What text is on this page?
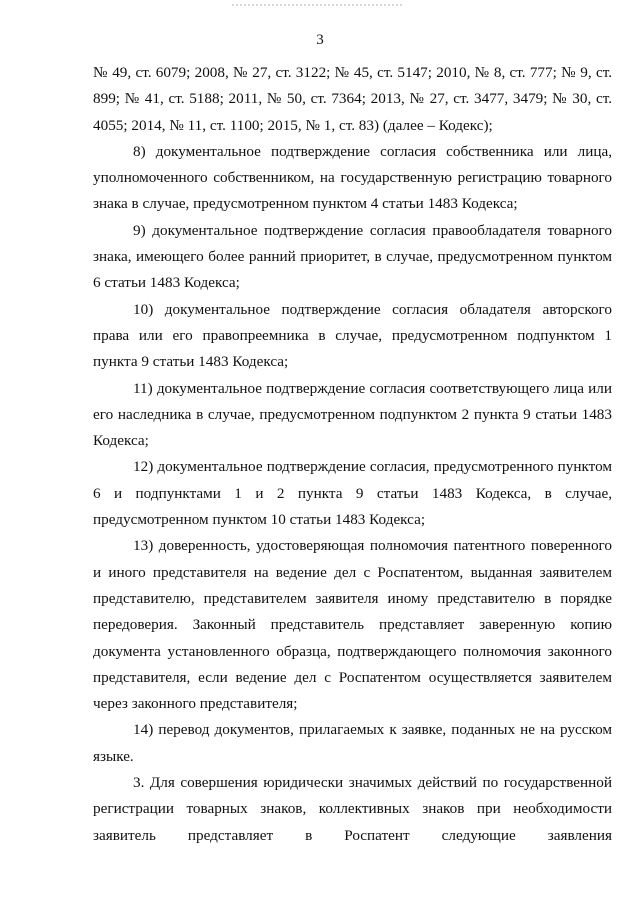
3

№ 49, ст. 6079; 2008, № 27, ст. 3122; № 45, ст. 5147; 2010, № 8, ст. 777; № 9, ст. 899; № 41, ст. 5188; 2011, № 50, ст. 7364; 2013, № 27, ст. 3477, 3479; № 30, ст. 4055; 2014, № 11, ст. 1100; 2015, № 1, ст. 83) (далее – Кодекс);

8) документальное подтверждение согласия собственника или лица, уполномоченного собственником, на государственную регистрацию товарного знака в случае, предусмотренном пунктом 4 статьи 1483 Кодекса;

9) документальное подтверждение согласия правообладателя товарного знака, имеющего более ранний приоритет, в случае, предусмотренном пунктом 6 статьи 1483 Кодекса;

10) документальное подтверждение согласия обладателя авторского права или его правопреемника в случае, предусмотренном подпунктом 1 пункта 9 статьи 1483 Кодекса;

11) документальное подтверждение согласия соответствующего лица или его наследника в случае, предусмотренном подпунктом 2 пункта 9 статьи 1483 Кодекса;

12) документальное подтверждение согласия, предусмотренного пунктом 6 и подпунктами 1 и 2 пункта 9 статьи 1483 Кодекса, в случае, предусмотренном пунктом 10 статьи 1483 Кодекса;

13) доверенность, удостоверяющая полномочия патентного поверенного и иного представителя на ведение дел с Роспатентом, выданная заявителем представителю, представителем заявителя иному представителю в порядке передоверия. Законный представитель представляет заверенную копию документа установленного образца, подтверждающего полномочия законного представителя, если ведение дел с Роспатентом осуществляется заявителем через законного представителя;

14) перевод документов, прилагаемых к заявке, поданных не на русском языке.

3. Для совершения юридически значимых действий по государственной регистрации товарных знаков, коллективных знаков при необходимости заявитель представляет в Роспатент следующие заявления
